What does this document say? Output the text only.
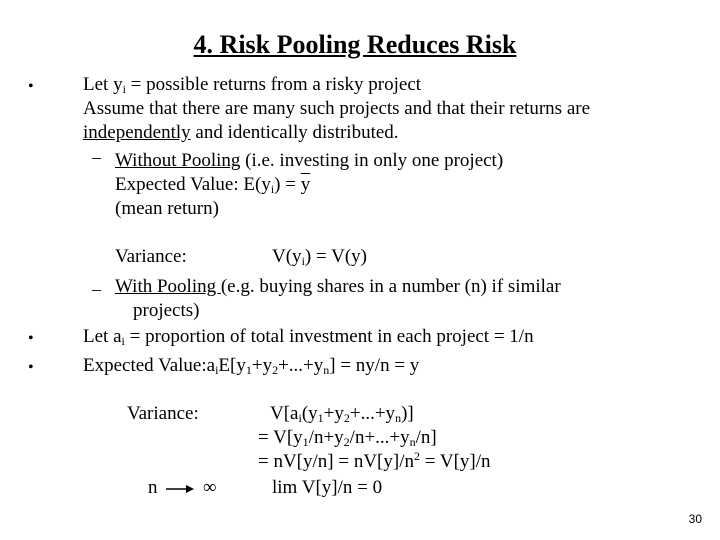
4. Risk Pooling Reduces Risk
•	Let $y_i$ = possible returns from a risky project
Assume that there are many such projects and that their returns are
independently and identically distributed.
– Without Pooling (i.e. investing in only one project)
Expected Value: $E(y_i) = \overline{y}$
(mean return)
Variance:	$V(y_i) = V(y)$
– With Pooling (e.g. buying shares in a number (n) if similar
projects)
•	Let $a_i$ = proportion of total investment in each project = 1/n
•	Expected $Value:a_iE[y_1+y_2+...+y_n] = ny/n = y$
Variance:	$V[a_i(y_1+y_2+...+y_n)]$
= $V[y_1/n+y_2/n+...+y_n/n]$
= $nV[y/n] = nV[y]/n^2 = V[y]/n$
n ∞	lim V[y]/n = 0
30
